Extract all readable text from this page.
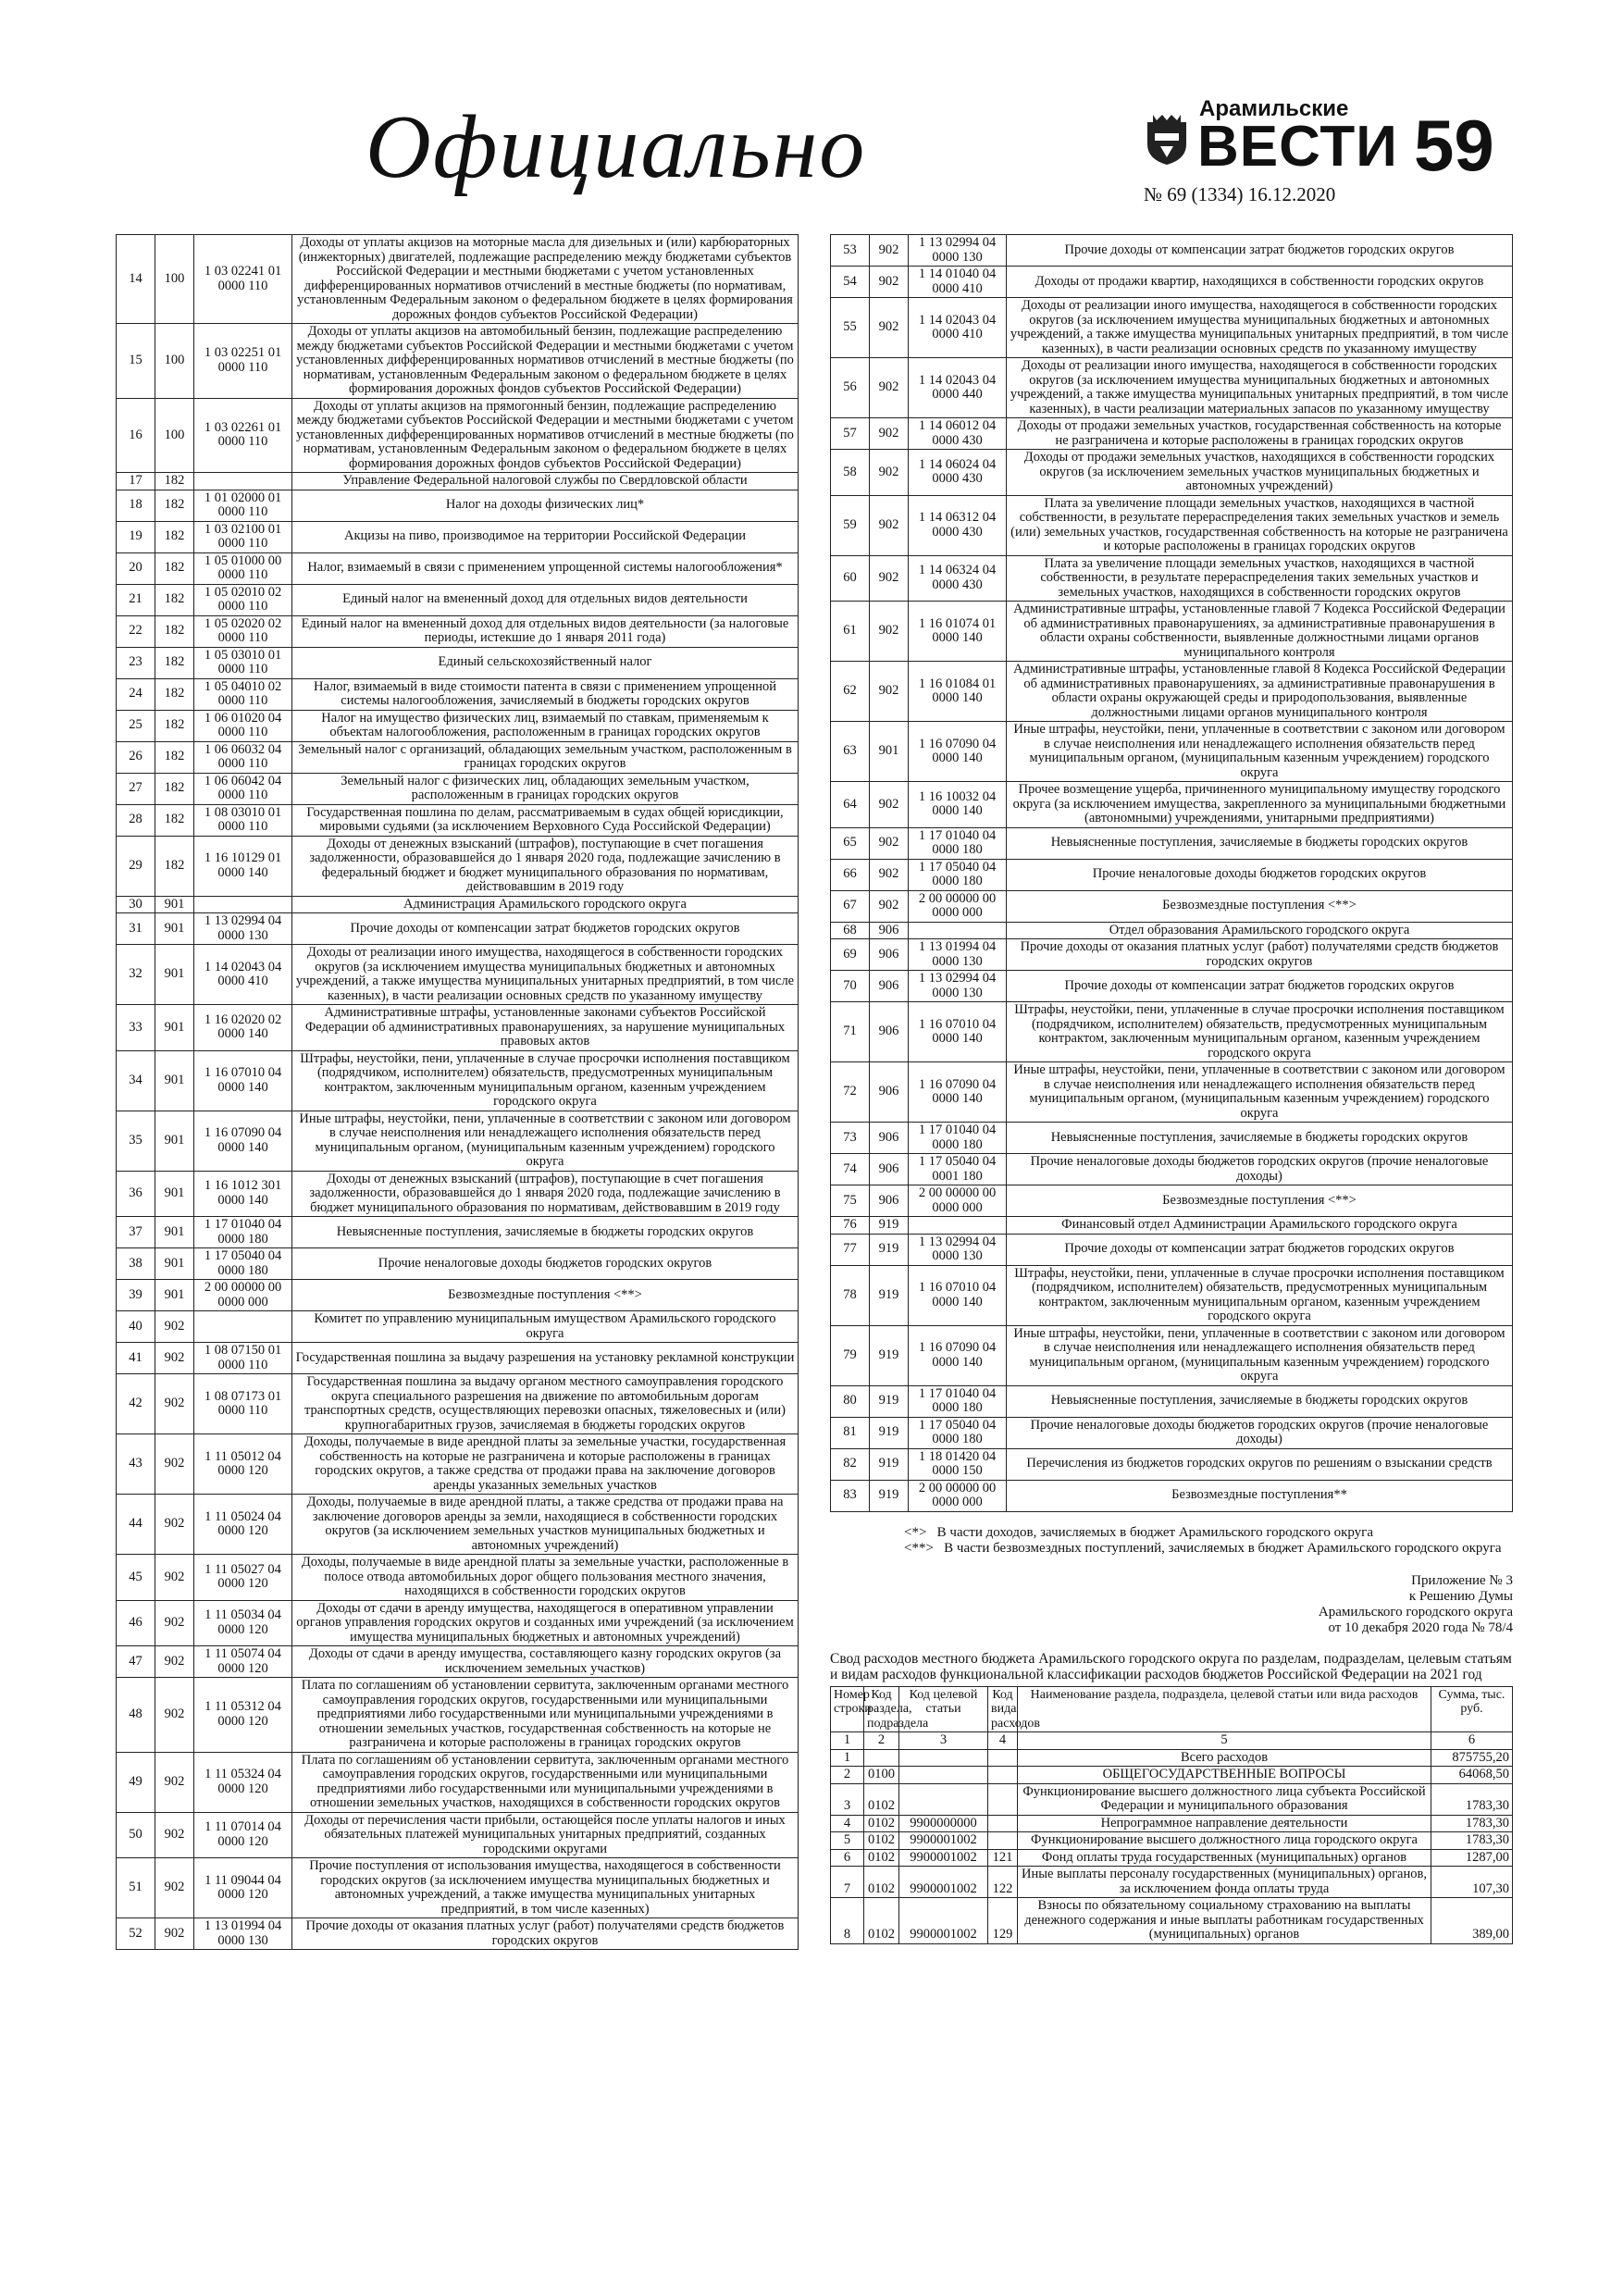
Официально	Арамильские
ВЕСТИ
№ 69 (1334) 16.12.2020
59
14	100	1 03 02241 01 0000 110	Доходы от уплаты акцизов на моторные масла для дизельных и (или) карбюраторных (инжекторных) двигателей, подлежащие распределению между бюджетами субъектов Российской Федерации и местными бюджетами с учетом установленных дифференцированных нормативов отчислений в местные бюджеты (по нормативам, установленным Федеральным законом о федеральном бюджете в целях формирования дорожных фондов субъектов Российской Федерации)
15	100	1 03 02251 01 0000 110	Доходы от уплаты акцизов на автомобильный бензин, подлежащие распределению между бюджетами субъектов Российской Федерации и местными бюджетами с учетом установленных дифференцированных нормативов отчислений в местные бюджеты (по нормативам, установленным Федеральным законом о федеральном бюджете в целях формирования дорожных фондов субъектов Российской Федерации)
16	100	1 03 02261 01 0000 110	Доходы от уплаты акцизов на прямогонный бензин, подлежащие распределению между бюджетами субъектов Российской Федерации и местными бюджетами с учетом установленных дифференцированных нормативов отчислений в местные бюджеты (по нормативам, установленным Федеральным законом о федеральном бюджете в целях формирования дорожных фондов субъектов Российской Федерации)
17	182		Управление Федеральной налоговой службы по Свердловской области
18	182	1 01 02000 01 0000 110	Налог на доходы физических лиц*
19	182	1 03 02100 01 0000 110	Акцизы на пиво, производимое на территории Российской Федерации
20	182	1 05 01000 00 0000 110	Налог, взимаемый в связи с применением упрощенной системы налогообложения*
21	182	1 05 02010 02 0000 110	Единый налог на вмененный доход для отдельных видов деятельности
22	182	1 05 02020 02 0000 110	Единый налог на вмененный доход для отдельных видов деятельности (за налоговые периоды, истекшие до 1 января 2011 года)
23	182	1 05 03010 01 0000 110	Единый сельскохозяйственный налог
24	182	1 05 04010 02 0000 110	Налог, взимаемый в виде стоимости патента в связи с применением упрощенной системы налогообложения, зачисляемый в бюджеты городских округов
25	182	1 06 01020 04 0000 110	Налог на имущество физических лиц, взимаемый по ставкам, применяемым к объектам налогообложения, расположенным в границах городских округов
26	182	1 06 06032 04 0000 110	Земельный налог с организаций, обладающих земельным участком, расположенным в границах городских округов
27	182	1 06 06042 04 0000 110	Земельный налог с физических лиц, обладающих земельным участком, расположенным в границах городских округов
28	182	1 08 03010 01 0000 110	Государственная пошлина по делам, рассматриваемым в судах общей юрисдикции, мировыми судьями (за исключением Верховного Суда Российской Федерации)
29	182	1 16 10129 01 0000 140	Доходы от денежных взысканий (штрафов), поступающие в счет погашения задолженности, образовавшейся до 1 января 2020 года, подлежащие зачислению в федеральный бюджет и бюджет муниципального образования по нормативам, действовавшим в 2019 году
30	901		Администрация Арамильского городского округа
31	901	1 13 02994 04 0000 130	Прочие доходы от компенсации затрат бюджетов городских округов
32	901	1 14 02043 04 0000 410	Доходы от реализации иного имущества, находящегося в собственности городских округов (за исключением имущества муниципальных бюджетных и автономных учреждений, а также имущества муниципальных унитарных предприятий, в том числе казенных), в части реализации основных средств по указанному имуществу
33	901	1 16 02020 02 0000 140	Административные штрафы, установленные законами субъектов Российской Федерации об административных правонарушениях, за нарушение муниципальных правовых актов
34	901	1 16 07010 04 0000 140	Штрафы, неустойки, пени, уплаченные в случае просрочки исполнения поставщиком (подрядчиком, исполнителем) обязательств, предусмотренных муниципальным контрактом, заключенным муниципальным органом, казенным учреждением городского округа
35	901	1 16 07090 04 0000 140	Иные штрафы, неустойки, пени, уплаченные в соответствии с законом или договором в случае неисполнения или ненадлежащего исполнения обязательств перед муниципальным органом, (муниципальным казенным учреждением) городского округа
36	901	1 16 1012 301 0000 140	Доходы от денежных взысканий (штрафов), поступающие в счет погашения задолженности, образовавшейся до 1 января 2020 года, подлежащие зачислению в бюджет муниципального образования по нормативам, действовавшим в 2019 году
37	901	1 17 01040 04 0000 180	Невыясненные поступления, зачисляемые в бюджеты городских округов
38	901	1 17 05040 04 0000 180	Прочие неналоговые доходы бюджетов городских округов
39	901	2 00 00000 00 0000 000	Безвозмездные поступления <**>
40	902		Комитет по управлению муниципальным имуществом Арамильского городского округа
41	902	1 08 07150 01 0000 110	Государственная пошлина за выдачу разрешения на установку рекламной конструкции
42	902	1 08 07173 01 0000 110	Государственная пошлина за выдачу органом местного самоуправления городского округа специального разрешения на движение по автомобильным дорогам транспортных средств, осуществляющих перевозки опасных, тяжеловесных и (или) крупногабаритных грузов, зачисляемая в бюджеты городских округов
43	902	1 11 05012 04 0000 120	Доходы, получаемые в виде арендной платы за земельные участки, государственная собственность на которые не разграничена и которые расположены в границах городских округов, а также средства от продажи права на заключение договоров аренды указанных земельных участков
44	902	1 11 05024 04 0000 120	Доходы, получаемые в виде арендной платы, а также средства от продажи права на заключение договоров аренды за земли, находящиеся в собственности городских округов (за исключением земельных участков муниципальных бюджетных и автономных учреждений)
45	902	1 11 05027 04 0000 120	Доходы, получаемые в виде арендной платы за земельные участки, расположенные в полосе отвода автомобильных дорог общего пользования местного значения, находящихся в собственности городских округов
46	902	1 11 05034 04 0000 120	Доходы от сдачи в аренду имущества, находящегося в оперативном управлении органов управления городских округов и созданных ими учреждений (за исключением имущества муниципальных бюджетных и автономных учреждений)
47	902	1 11 05074 04 0000 120	Доходы от сдачи в аренду имущества, составляющего казну городских округов (за исключением земельных участков)
48	902	1 11 05312 04 0000 120	Плата по соглашениям об установлении сервитута, заключенным органами местного самоуправления городских округов, государственными или муниципальными предприятиями либо государственными или муниципальными учреждениями в отношении земельных участков, государственная собственность на которые не разграничена и которые расположены в границах городских округов
49	902	1 11 05324 04 0000 120	Плата по соглашениям об установлении сервитута, заключенным органами местного самоуправления городских округов, государственными или муниципальными предприятиями либо государственными или муниципальными учреждениями в отношении земельных участков, находящихся в собственности городских округов
50	902	1 11 07014 04 0000 120	Доходы от перечисления части прибыли, остающейся после уплаты налогов и иных обязательных платежей муниципальных унитарных предприятий, созданных городскими округами
51	902	1 11 09044 04 0000 120	Прочие поступления от использования имущества, находящегося в собственности городских округов (за исключением имущества муниципальных бюджетных и автономных учреждений, а также имущества муниципальных унитарных предприятий, в том числе казенных)
52	902	1 13 01994 04 0000 130	Прочие доходы от оказания платных услуг (работ) получателями средств бюджетов городских округов
53	902	1 13 02994 04 0000 130	Прочие доходы от компенсации затрат бюджетов городских округов
54	902	1 14 01040 04 0000 410	Доходы от продажи квартир, находящихся в собственности городских округов
55	902	1 14 02043 04 0000 410	Доходы от реализации иного имущества, находящегося в собственности городских округов (за исключением имущества муниципальных бюджетных и автономных учреждений, а также имущества муниципальных унитарных предприятий, в том числе казенных), в части реализации основных средств по указанному имуществу
56	902	1 14 02043 04 0000 440	Доходы от реализации иного имущества, находящегося в собственности городских округов (за исключением имущества муниципальных бюджетных и автономных учреждений, а также имущества муниципальных унитарных предприятий, в том числе казенных), в части реализации материальных запасов по указанному имуществу
57	902	1 14 06012 04 0000 430	Доходы от продажи земельных участков, государственная собственность на которые не разграничена и которые расположены в границах городских округов
58	902	1 14 06024 04 0000 430	Доходы от продажи земельных участков, находящихся в собственности городских округов (за исключением земельных участков муниципальных бюджетных и автономных учреждений)
59	902	1 14 06312 04 0000 430	Плата за увеличение площади земельных участков, находящихся в частной собственности, в результате перераспределения таких земельных участков и земель (или) земельных участков, государственная собственность на которые не разграничена и которые расположены в границах городских округов
60	902	1 14 06324 04 0000 430	Плата за увеличение площади земельных участков, находящихся в частной собственности, в результате перераспределения таких земельных участков и земельных участков, находящихся в собственности городских округов
61	902	1 16 01074 01 0000 140	Административные штрафы, установленные главой 7 Кодекса Российской Федерации об административных правонарушениях, за административные правонарушения в области охраны собственности, выявленные должностными лицами органов муниципального контроля
62	902	1 16 01084 01 0000 140	Административные штрафы, установленные главой 8 Кодекса Российской Федерации об административных правонарушениях, за административные правонарушения в области охраны окружающей среды и природопользования, выявленные должностными лицами органов муниципального контроля
63	901	1 16 07090 04 0000 140	Иные штрафы, неустойки, пени, уплаченные в соответствии с законом или договором в случае неисполнения или ненадлежащего исполнения обязательств перед муниципальным органом, (муниципальным казенным учреждением) городского округа
64	902	1 16 10032 04 0000 140	Прочее возмещение ущерба, причиненного муниципальному имуществу городского округа (за исключением имущества, закрепленного за муниципальными бюджетными (автономными) учреждениями, унитарными предприятиями)
65	902	1 17 01040 04 0000 180	Невыясненные поступления, зачисляемые в бюджеты городских округов
66	902	1 17 05040 04 0000 180	Прочие неналоговые доходы бюджетов городских округов
67	902	2 00 00000 00 0000 000	Безвозмездные поступления <**>
68	906		Отдел образования Арамильского городского округа
69	906	1 13 01994 04 0000 130	Прочие доходы от оказания платных услуг (работ) получателями средств бюджетов городских округов
70	906	1 13 02994 04 0000 130	Прочие доходы от компенсации затрат бюджетов городских округов
71	906	1 16 07010 04 0000 140	Штрафы, неустойки, пени, уплаченные в случае просрочки исполнения поставщиком (подрядчиком, исполнителем) обязательств, предусмотренных муниципальным контрактом, заключенным муниципальным органом, казенным учреждением городского округа
72	906	1 16 07090 04 0000 140	Иные штрафы, неустойки, пени, уплаченные в соответствии с законом или договором в случае неисполнения или ненадлежащего исполнения обязательств перед муниципальным органом, (муниципальным казенным учреждением) городского округа
73	906	1 17 01040 04 0000 180	Невыясненные поступления, зачисляемые в бюджеты городских округов
74	906	1 17 05040 04 0001 180	Прочие неналоговые доходы бюджетов городских округов (прочие неналоговые доходы)
75	906	2 00 00000 00 0000 000	Безвозмездные поступления <**>
76	919		Финансовый отдел Администрации Арамильского городского округа
77	919	1 13 02994 04 0000 130	Прочие доходы от компенсации затрат бюджетов городских округов
78	919	1 16 07010 04 0000 140	Штрафы, неустойки, пени, уплаченные в случае просрочки исполнения поставщиком (подрядчиком, исполнителем) обязательств, предусмотренных муниципальным контрактом, заключенным муниципальным органом, казенным учреждением городского округа
79	919	1 16 07090 04 0000 140	Иные штрафы, неустойки, пени, уплаченные в соответствии с законом или договором в случае неисполнения или ненадлежащего исполнения обязательств перед муниципальным органом, (муниципальным казенным учреждением) городского округа
80	919	1 17 01040 04 0000 180	Невыясненные поступления, зачисляемые в бюджеты городских округов
81	919	1 17 05040 04 0000 180	Прочие неналоговые доходы бюджетов городских округов (прочие неналоговые доходы)
82	919	1 18 01420 04 0000 150	Перечисления из бюджетов городских округов по решениям о взыскании средств
83	919	2 00 00000 00 0000 000	Безвозмездные поступления**
<*> В части доходов, зачисляемых в бюджет Арамильского городского округа
<**> В части безвозмездных поступлений, зачисляемых в бюджет Арамильского городского округа
Приложение № 3
к Решению Думы
Арамильского городского округа
от 10 декабря 2020 года № 78/4
Свод расходов местного бюджета Арамильского городского округа по разделам, подразделам, целевым статьям и видам расходов функциональной классификации расходов бюджетов Российской Федерации на 2021 год
Номер строки	Код раздела, подраздела	Код целевой статьи	Код вида расходов	Наименование раздела, подраздела, целевой статьи или вида расходов	Сумма, тыс. руб.
1	2	3	4	5	6
1				Всего расходов	875755,20
2	0100			ОБЩЕГОСУДАРСТВЕННЫЕ ВОПРОСЫ	64068,50
3	0102			Функционирование высшего должностного лица субъекта Российской Федерации и муниципального образования	1783,30
4	0102	9900000000		Непрограммное направление деятельности	1783,30
5	0102	9900001002		Функционирование высшего должностного лица городского округа	1783,30
6	0102	9900001002	121	Фонд оплаты труда государственных (муниципальных) органов	1287,00
7	0102	9900001002	122	Иные выплаты персоналу государственных (муниципальных) органов, за исключением фонда оплаты труда	107,30
8	0102	9900001002	129	Взносы по обязательному социальному страхованию на выплаты денежного содержания и иные выплаты работникам государственных (муниципальных) органов	389,00
